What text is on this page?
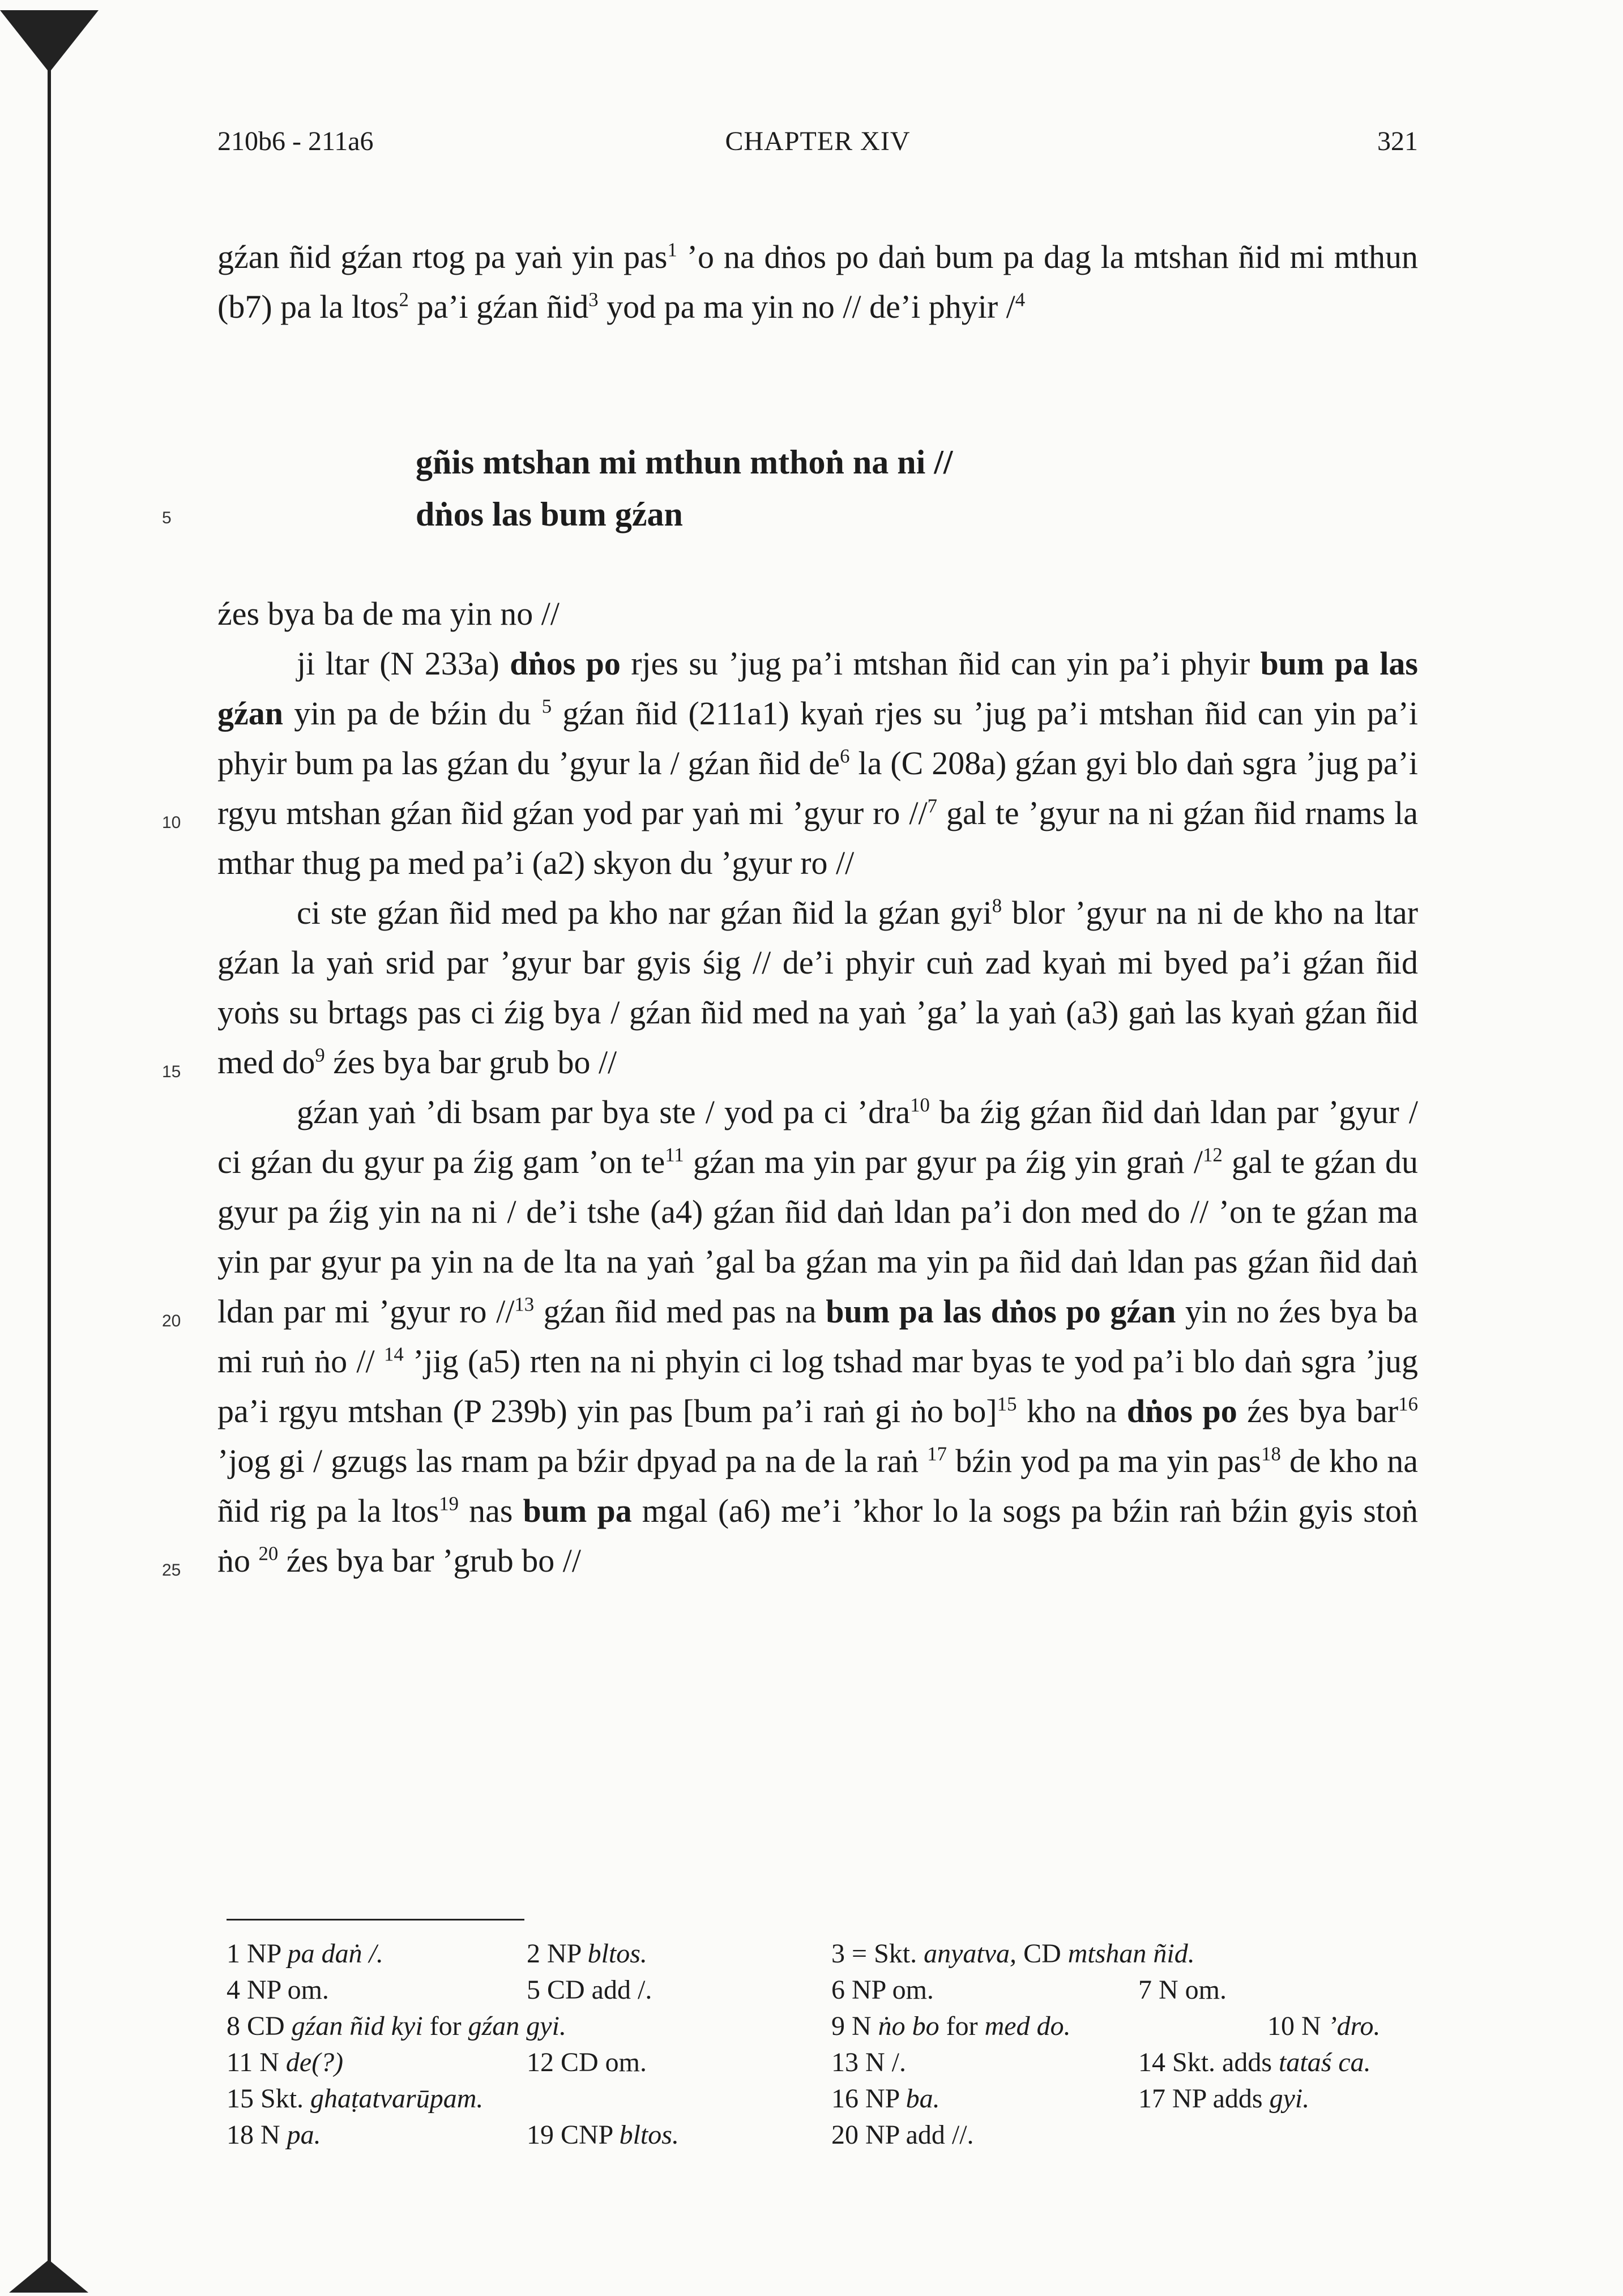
210b6 - 211a6	CHAPTER XIV	321
gźan ñid gźan rtog pa yaṅ yin pas$^1$ ’o na dṅos po daṅ bum pa dag la mtshan ñid mi mthun (b7) pa la ltos$^2$ pa’i gźan ñid$^3$ yod pa ma yin no // de’i phyir /$^4$
gñis mtshan mi mthun mthoṅ na ni //
dṅos las bum gźan

źes bya ba de ma yin no //

ji ltar (N 233a) dṅos po rjes su ’jug pa’i mtshan ñid can yin pa’i phyir bum pa las gźan yin pa de bźin du $^5$ gźan ñid (211a1) kyaṅ rjes su ’jug pa’i mtshan ñid can yin pa’i phyir bum pa las gźan du ’gyur la / gźan ñid $de^6$ la (C 208a) gźan gyi blo daṅ sgra ’jug pa’i rgyu mtshan gźan ñid gźan yod par yaṅ mi ’gyur ro //$^7$ gal te ’gyur na ni gźan ñid rnams la mthar thug pa med pa’i (a2) skyon du ’gyur ro //

ci ste gźan ñid med pa kho nar gźan ñid la gźan gyi$^8$ blor ’gyur na ni de kho na ltar gźan la yaṅ srid par ’gyur bar gyis śig // de’i phyir cuṅ zad kyaṅ mi byed pa’i gźan ñid yoṅs su brtags pas ci źig bya / gźan ñid med na yaṅ ’ga’ la yaṅ (a3) gaṅ las kyaṅ gźan ñid med $do^9$ źes bya bar grub bo //

gźan yaṅ ’di bsam par bya ste / yod pa ci ’dra$^{10}$ ba źig gźan ñid daṅ ldan par ’gyur / ci gźan du gyur pa źig gam ’on $te^{11}$ gźan ma yin par gyur pa źig yin graṅ /$^{12}$ gal te gźan du gyur pa źig yin na ni / de’i tshe (a4) gźan ñid daṅ ldan pa’i don med do // ’on te gźan ma yin par gyur pa yin na de lta na yaṅ ’gal ba gźan ma yin pa ñid daṅ ldan pas gźan ñid daṅ ldan par mi ’gyur ro //$^{13}$ gźan ñid med pas na bum pa las dṅos po gźan yin no źes bya ba mi ruṅ ṅo // $^{14}$ ’jig (a5) rten na ni phyin ci log tshad mar byas te yod pa’i blo daṅ sgra ’jug pa’i rgyu mtshan (P 239b) yin pas [bum pa’i raṅ gi ṅo bo]$^{15}$ kho na dṅos po źes bya bar$^{16}$ ’jog gi / gzugs las rnam pa bźir dpyad pa na de la raṅ $^{17}$ bźin yod pa ma yin pas$^{18}$ de kho na ñid rig pa la ltos$^{19}$ nas bum pa mgal (a6) me’i ’khor lo la sogs pa bźin raṅ bźin gyis stoṅ ṅo $^{20}$ źes bya bar ’grub bo //

5
10
15
20
25
1 NP pa daṅ /.	2 NP bltos.	3 = Skt. anyatva, CD mtshan ñid.
4 NP om.	5 CD add /.	6 NP om.	7 N om.
8 CD gźan ñid kyi for gźan gyi.	9 N ṅo bo for med do.	10 N ’dro.
11 N de(?)	12 CD om.	13 N /.	14 Skt. adds tataś ca.
15 Skt. ghaṭatvarūpam.	16 NP ba.	17 NP adds gyi.
18 N pa.	19 CNP bltos.	20 NP add //.
